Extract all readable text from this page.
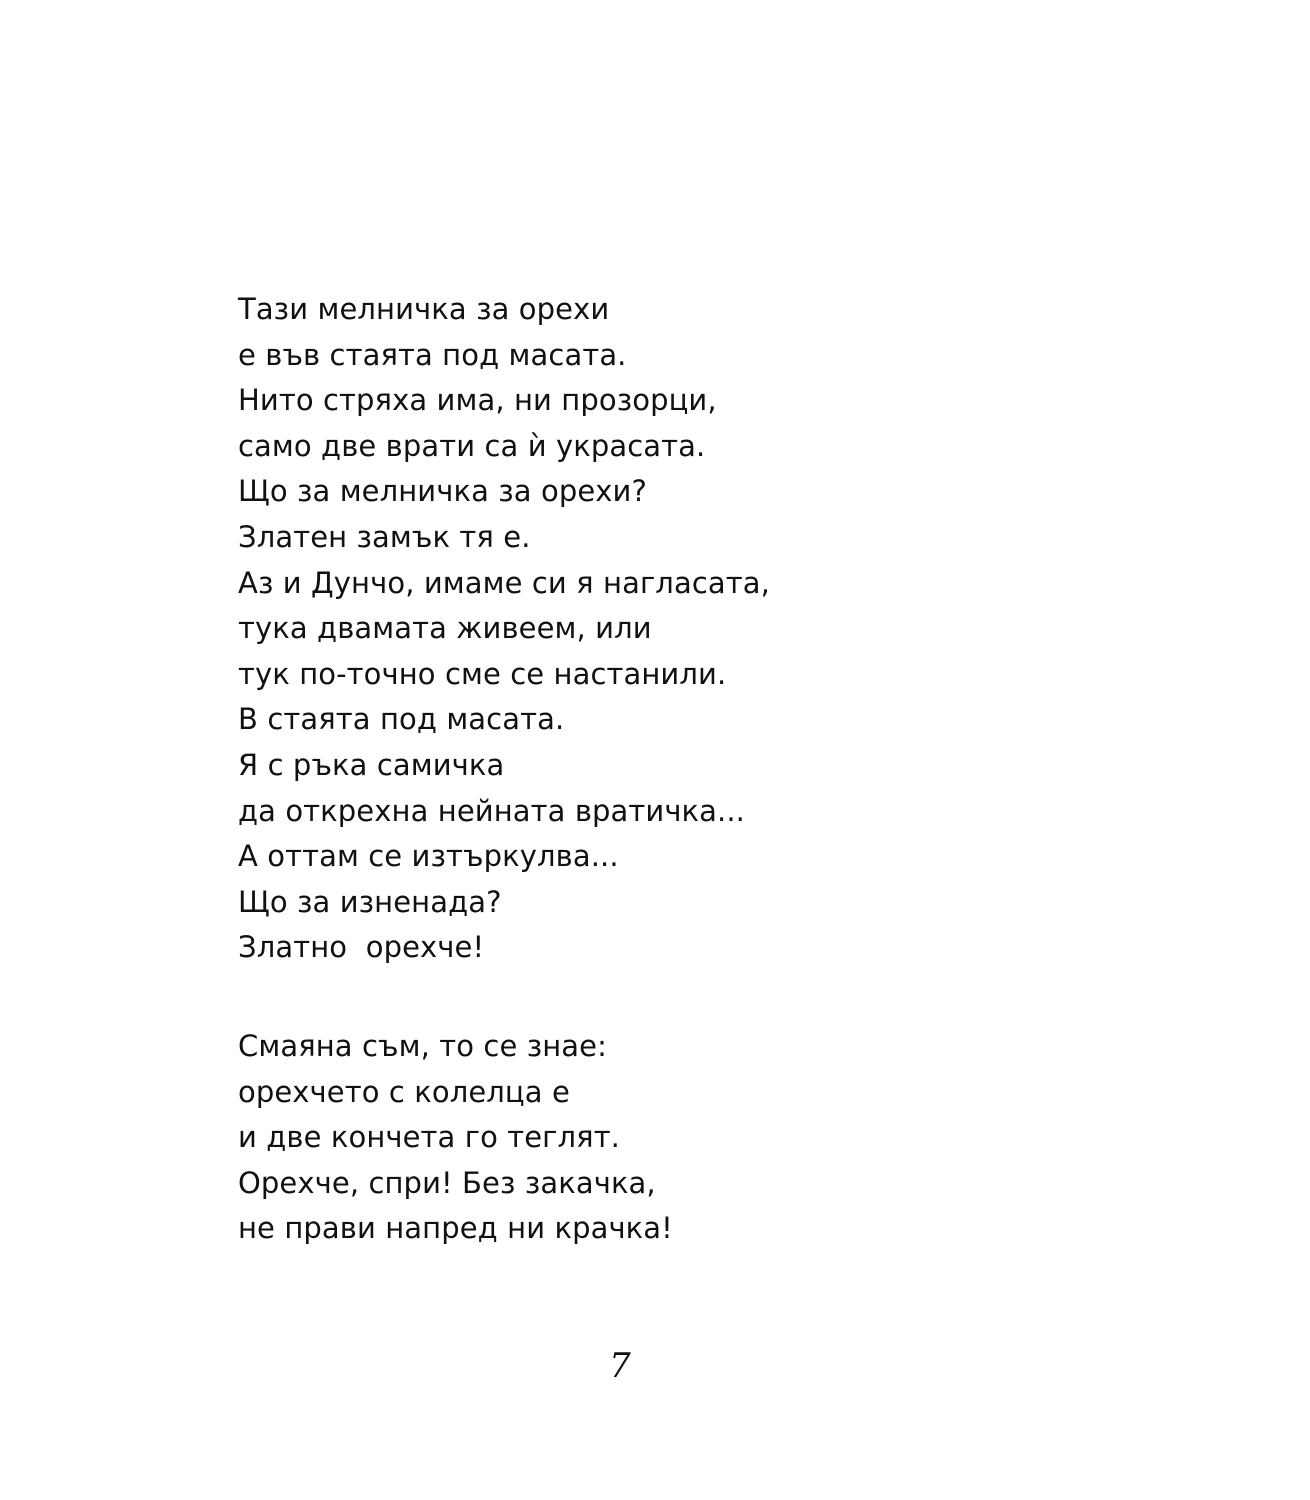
Тази мелничка за орехи
е във стаята под масата.
Нито стряха има, ни прозорци,
само две врати са ѝ украсата.
Що за мелничка за орехи?
Златен замък тя е.
Аз и Дунчо, имаме си я нагласата,
тука двамата живеем, или
тук по-точно сме се настанили.
В стаята под масата.
Я с ръка самичка
да открехна нейната вратичка...
А оттам се изтъркулва...
Що за изненада?
Златно  орехче!
Смаяна съм, то се знае:
орехчето с колелца е
и две кончета го теглят.
Орехче, спри! Без закачка,
не прави напред ни крачка!
7
